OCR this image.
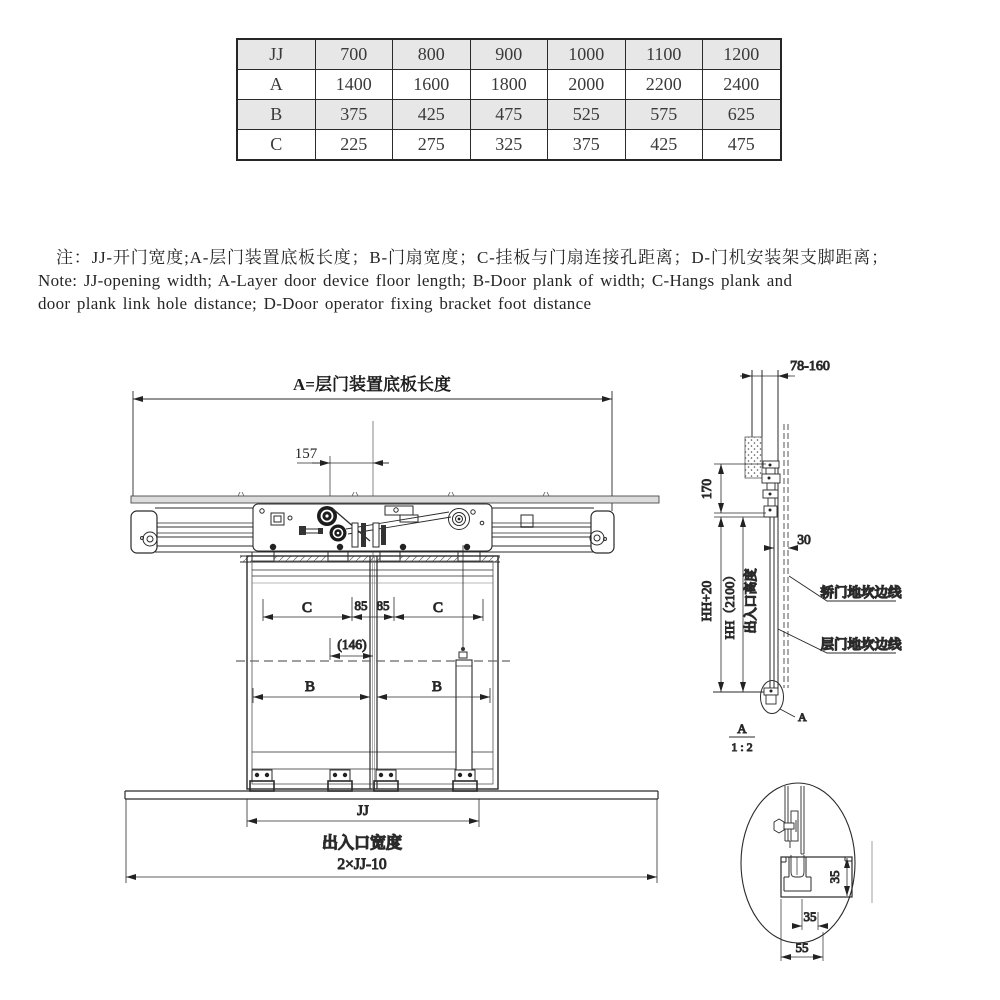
JJ	700	800	900	1000	1100	1200
A	1400	1600	1800	2000	2200	2400
B	375	425	475	525	575	625
C	225	275	325	375	425	475
注：JJ-开门宽度;A-层门装置底板长度；B-门扇宽度；C-挂板与门扇连接孔距离；D-门机安装架支脚距离；
Note: JJ-opening width; A-Layer door device floor length; B-Door plank of width; C-Hangs plank and
door plank link hole distance; D-Door operator fixing bracket foot distance
A=层门装置底板长度
157
C	85 85	C
(146)
B	B
JJ
出入口宽度
2×JJ-10
78-160
170
HH+20 HH（2100） 出入口高度
30
轿门地坎边线
层门地坎边线
A
A
1 : 2
35
35
55
